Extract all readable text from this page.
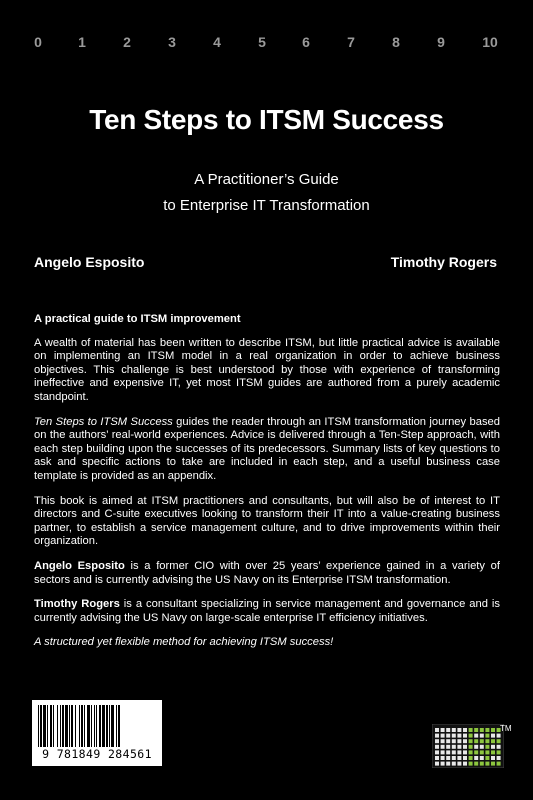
0	1	2	3	4	5	6	7	8	9	10
Ten Steps to ITSM Success
A Practitioner’s Guide
to Enterprise IT Transformation
Angelo Esposito	Timothy Rogers

A practical guide to ITSM improvement

A wealth of material has been written to describe ITSM, but little practical advice is available on implementing an ITSM model in a real organization in order to achieve business objectives. This challenge is best understood by those with experience of transforming ineffective and expensive IT, yet most ITSM guides are authored from a purely academic standpoint.

Ten Steps to ITSM Success guides the reader through an ITSM transformation journey based on the authors’ real-world experiences. Advice is delivered through a Ten-Step approach, with each step building upon the successes of its predecessors. Summary lists of key questions to ask and specific actions to take are included in each step, and a useful business case template is provided as an appendix.

This book is aimed at ITSM practitioners and consultants, but will also be of interest to IT directors and C-suite executives looking to transform their IT into a value-creating business partner, to establish a service management culture, and to drive improvements within their organization.

Angelo Esposito is a former CIO with over 25 years’ experience gained in a variety of sectors and is currently advising the US Navy on its Enterprise ITSM transformation.

Timothy Rogers is a consultant specializing in service management and governance and is currently advising the US Navy on large-scale enterprise IT efficiency initiatives.

A structured yet flexible method for achieving ITSM success!

9 781849 284561
TM
